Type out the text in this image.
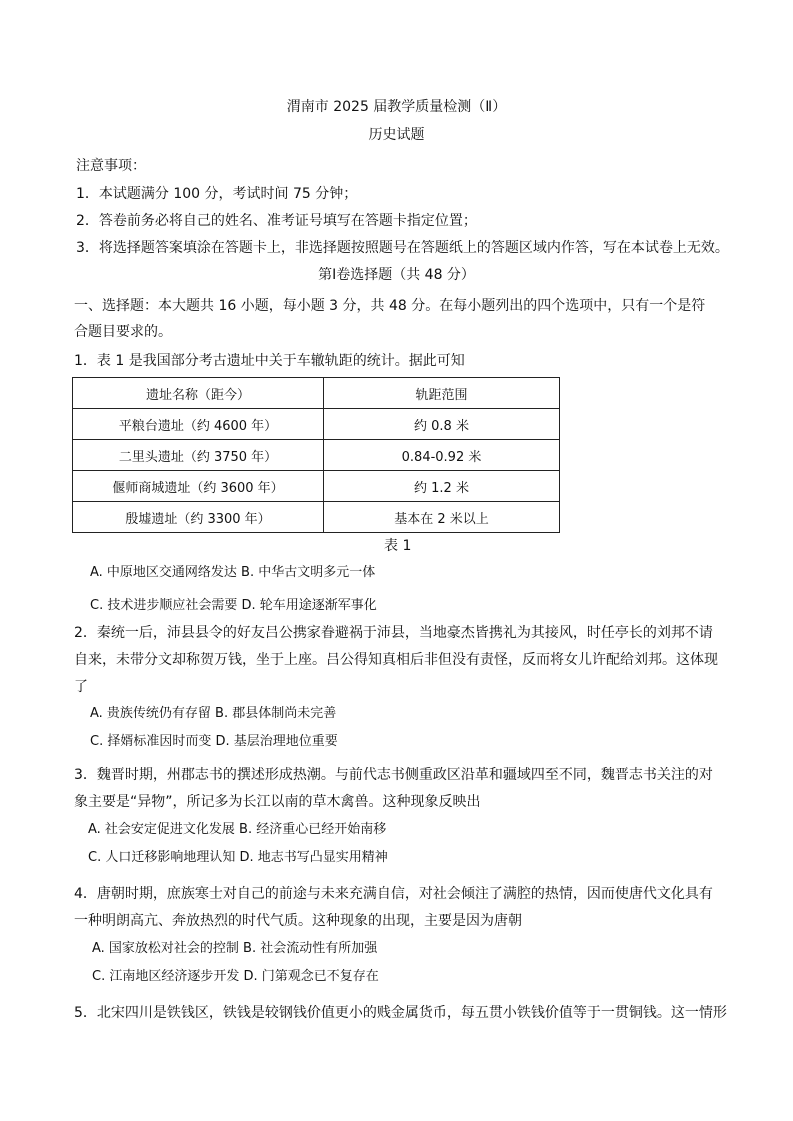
渭南市 2025 届教学质量检测（Ⅱ）
历史试题
注意事项：
1．本试题满分 100 分，考试时间 75 分钟；
2．答卷前务必将自己的姓名、准考证号填写在答题卡指定位置；
3．将选择题答案填涂在答题卡上，非选择题按照题号在答题纸上的答题区域内作答，写在本试卷上无效。
第Ⅰ卷选择题（共 48 分）
一、选择题：本大题共 16 小题，每小题 3 分，共 48 分。在每小题列出的四个选项中，只有一个是符
合题目要求的。
1．表 1 是我国部分考古遗址中关于车辙轨距的统计。据此可知
遗址名称（距今）	轨距范围
平粮台遗址（约 4600 年）	约 0.8 米
二里头遗址（约 3750 年）	0.84-0.92 米
偃师商城遗址（约 3600 年）	约 1.2 米
殷墟遗址（约 3300 年）	基本在 2 米以上
表 1
A. 中原地区交通网络发达 B. 中华古文明多元一体
C. 技术进步顺应社会需要 D. 轮车用途逐渐军事化
2．秦统一后，沛县县令的好友吕公携家眷避祸于沛县，当地豪杰皆携礼为其接风，时任亭长的刘邦不请
自来，未带分文却称贺万钱，坐于上座。吕公得知真相后非但没有责怪，反而将女儿许配给刘邦。这体现
了
A. 贵族传统仍有存留 B. 郡县体制尚未完善
C. 择婿标准因时而变 D. 基层治理地位重要
3．魏晋时期，州郡志书的撰述形成热潮。与前代志书侧重政区沿革和疆域四至不同，魏晋志书关注的对
象主要是“异物”，所记多为长江以南的草木禽兽。这种现象反映出
A. 社会安定促进文化发展 B. 经济重心已经开始南移
C. 人口迁移影响地理认知 D. 地志书写凸显实用精神
4．唐朝时期，庶族寒士对自己的前途与未来充满自信，对社会倾注了满腔的热情，因而使唐代文化具有
一种明朗高亢、奔放热烈的时代气质。这种现象的出现，主要是因为唐朝
A. 国家放松对社会的控制 B. 社会流动性有所加强
C. 江南地区经济逐步开发 D. 门第观念已不复存在
5．北宋四川是铁钱区，铁钱是较钢钱价值更小的贱金属货币，每五贯小铁钱价值等于一贯铜钱。这一情形
